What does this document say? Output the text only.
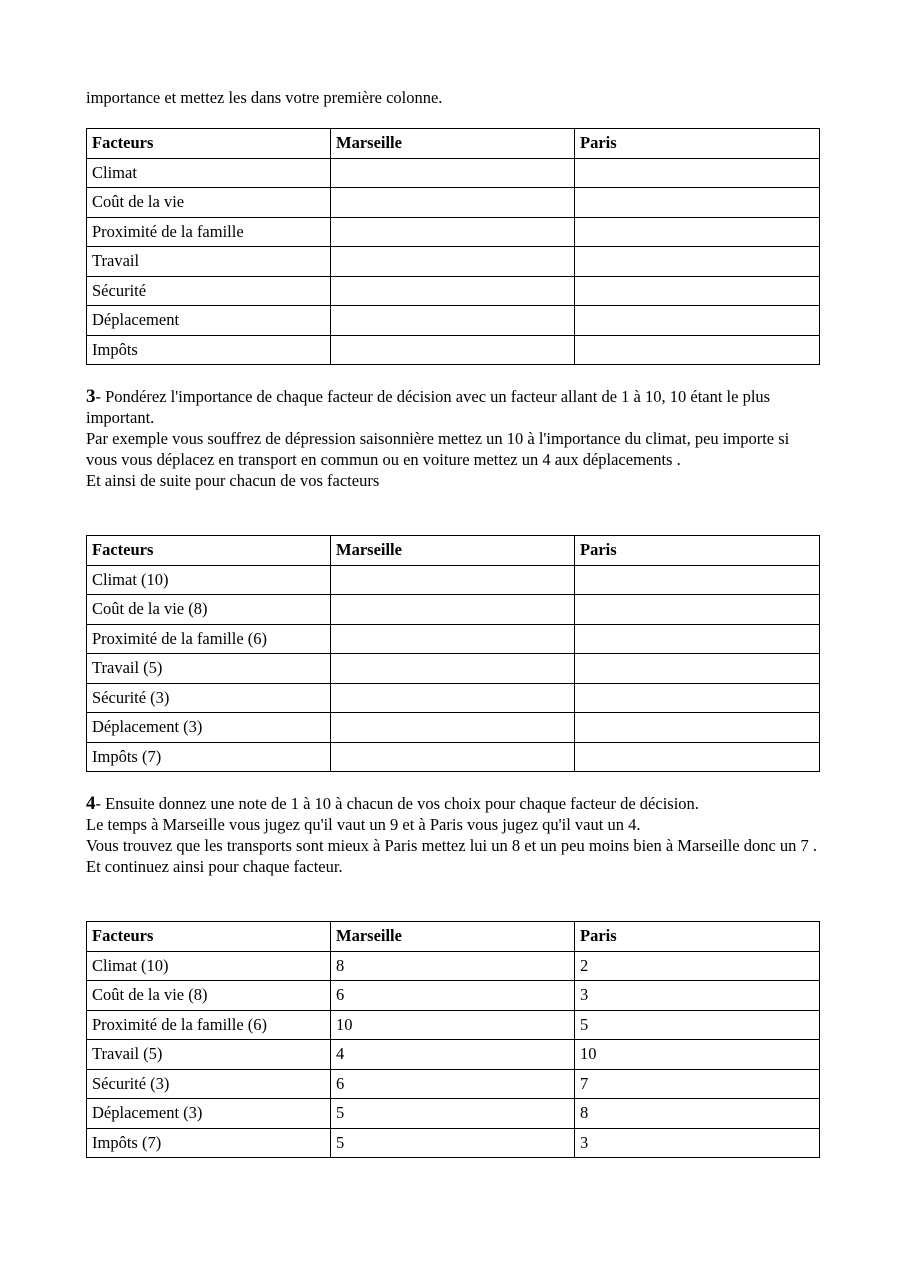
importance et mettez les dans votre première colonne.
Facteurs	Marseille	Paris
Climat		
Coût de la vie		
Proximité de la famille		
Travail		
Sécurité		
Déplacement		
Impôts		

3- Pondérez l'importance de chaque facteur de décision avec un facteur allant de 1 à 10, 10 étant le plus important.

Par exemple vous souffrez de dépression saisonnière mettez un 10 à l'importance du climat, peu importe si vous vous déplacez en transport en commun ou en voiture mettez un 4 aux déplacements .

Et ainsi de suite pour chacun de vos facteurs

Facteurs	Marseille	Paris
Climat (10)		
Coût de la vie (8)		
Proximité de la famille (6)		
Travail (5)		
Sécurité (3)		
Déplacement (3)		
Impôts (7)		

4- Ensuite donnez une note de 1 à 10 à chacun de vos choix pour chaque facteur de décision.

Le temps à Marseille vous jugez qu'il vaut un 9 et à Paris vous jugez qu'il vaut un 4.

Vous trouvez que les transports sont mieux à Paris mettez lui un 8 et un peu moins bien à Marseille donc un 7 .

Et continuez ainsi pour chaque facteur.

Facteurs	Marseille	Paris
Climat (10)	8	2
Coût de la vie (8)	6	3
Proximité de la famille (6)	10	5
Travail (5)	4	10
Sécurité (3)	6	7
Déplacement (3)	5	8
Impôts (7)	5	3
